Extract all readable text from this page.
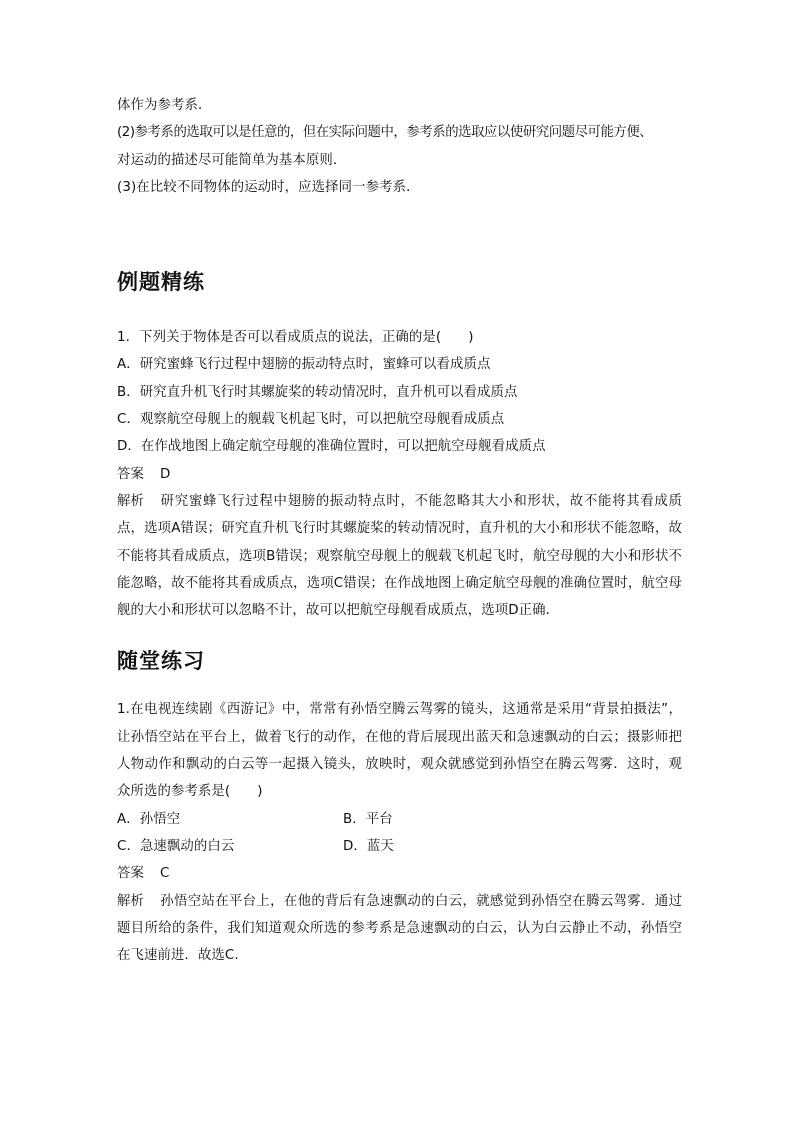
体作为参考系．
(2)参考系的选取可以是任意的，但在实际问题中，参考系的选取应以使研究问题尽可能方便、
对运动的描述尽可能简单为基本原则．
(3)在比较不同物体的运动时，应选择同一参考系．
例题精练
1．下列关于物体是否可以看成质点的说法，正确的是(　　)
A．研究蜜蜂飞行过程中翅膀的振动特点时，蜜蜂可以看成质点
B．研究直升机飞行时其螺旋桨的转动情况时，直升机可以看成质点
C．观察航空母舰上的舰载飞机起飞时，可以把航空母舰看成质点
D．在作战地图上确定航空母舰的准确位置时，可以把航空母舰看成质点
答案 D
解析 研究蜜蜂飞行过程中翅膀的振动特点时，不能忽略其大小和形状，故不能将其看成质点，选项A错误；研究直升机飞行时其螺旋桨的转动情况时，直升机的大小和形状不能忽略，故不能将其看成质点，选项B错误；观察航空母舰上的舰载飞机起飞时，航空母舰的大小和形状不能忽略，故不能将其看成质点，选项C错误；在作战地图上确定航空母舰的准确位置时，航空母舰的大小和形状可以忽略不计，故可以把航空母舰看成质点，选项D正确．
随堂练习
1.在电视连续剧《西游记》中，常常有孙悟空腾云驾雾的镜头，这通常是采用“背景拍摄法”，让孙悟空站在平台上，做着飞行的动作，在他的背后展现出蓝天和急速飘动的白云；摄影师把人物动作和飘动的白云等一起摄入镜头，放映时，观众就感觉到孙悟空在腾云驾雾．这时，观众所选的参考系是(　　)
A．孙悟空	B．平台
C．急速飘动的白云	D．蓝天
答案 C
解析 孙悟空站在平台上，在他的背后有急速飘动的白云，就感觉到孙悟空在腾云驾雾．通过题目所给的条件，我们知道观众所选的参考系是急速飘动的白云，认为白云静止不动，孙悟空在飞速前进．故选C.
